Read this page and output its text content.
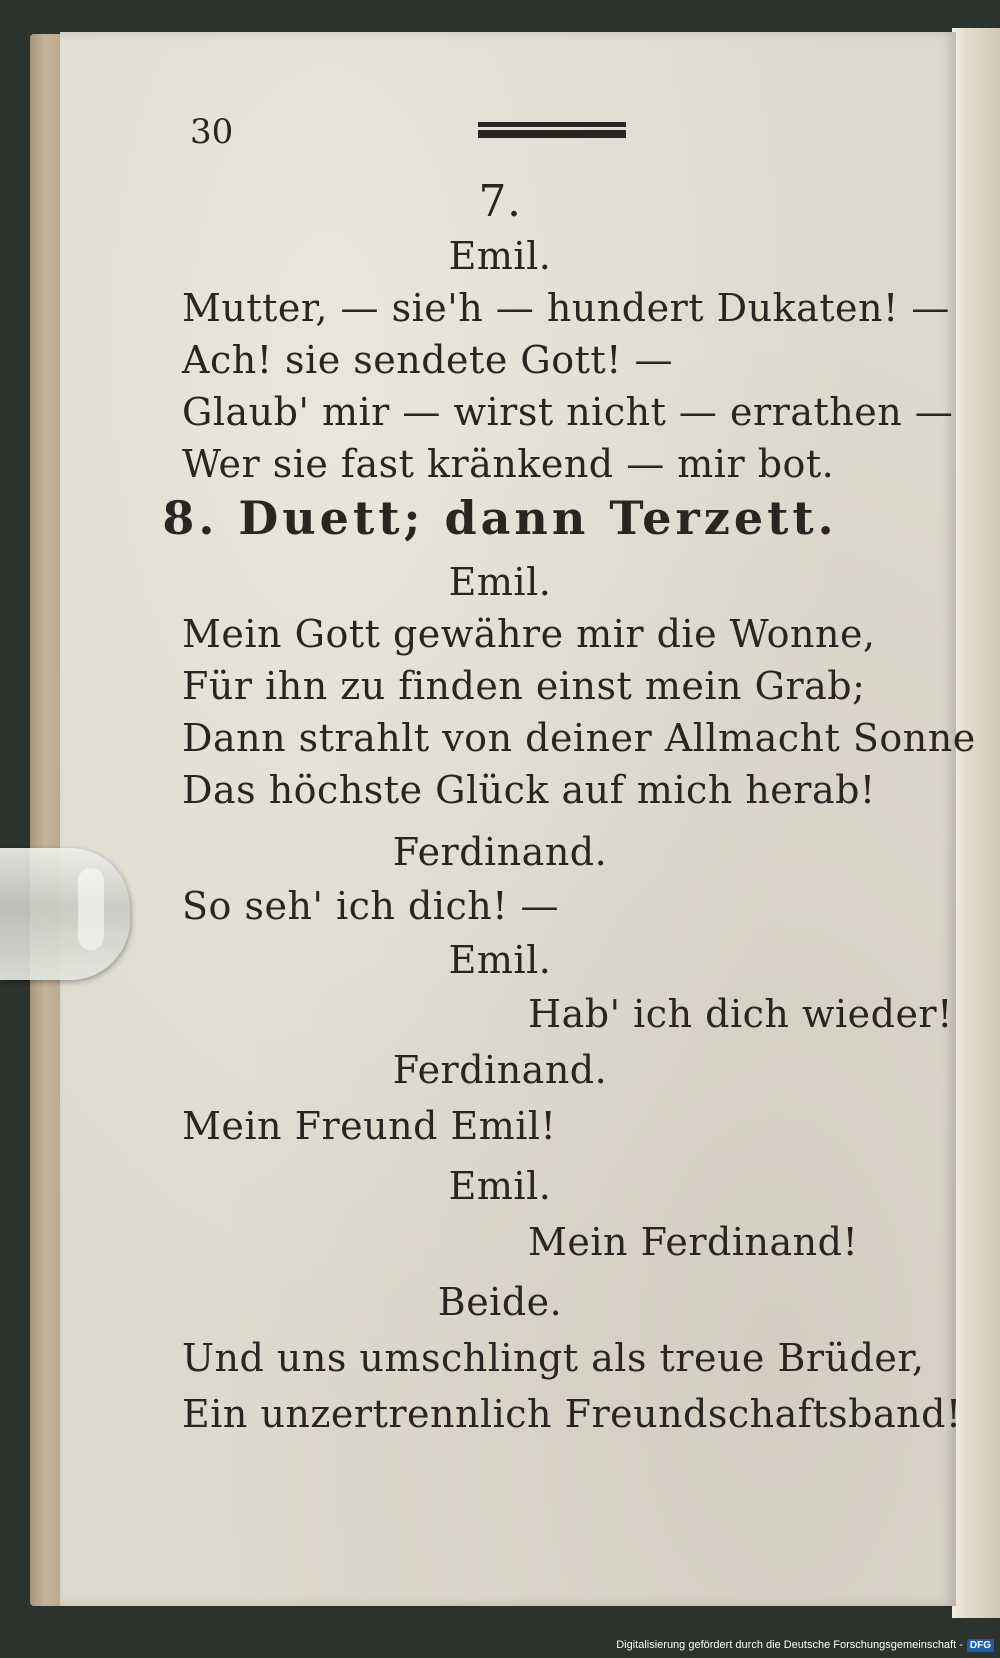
30
7.
Emil.
Mutter, — sie'h — hundert Dukaten! —
Ach! sie sendete Gott! —
Glaub' mir — wirst nicht — errathen —
Wer sie fast kränkend — mir bot.
8. Duett; dann Terzett.
Emil.
Mein Gott gewähre mir die Wonne,
Für ihn zu finden einst mein Grab;
Dann strahlt von deiner Allmacht Sonne
Das höchste Glück auf mich herab!
Ferdinand.
So seh' ich dich! —
Emil.
Hab' ich dich wieder!
Ferdinand.
Mein Freund Emil!
Emil.
Mein Ferdinand!
Beide.
Und uns umschlingt als treue Brüder,
Ein unzertrennlich Freundschaftsband!
Digitalisierung gefördert durch die Deutsche Forschungsgemeinschaft - DFG
